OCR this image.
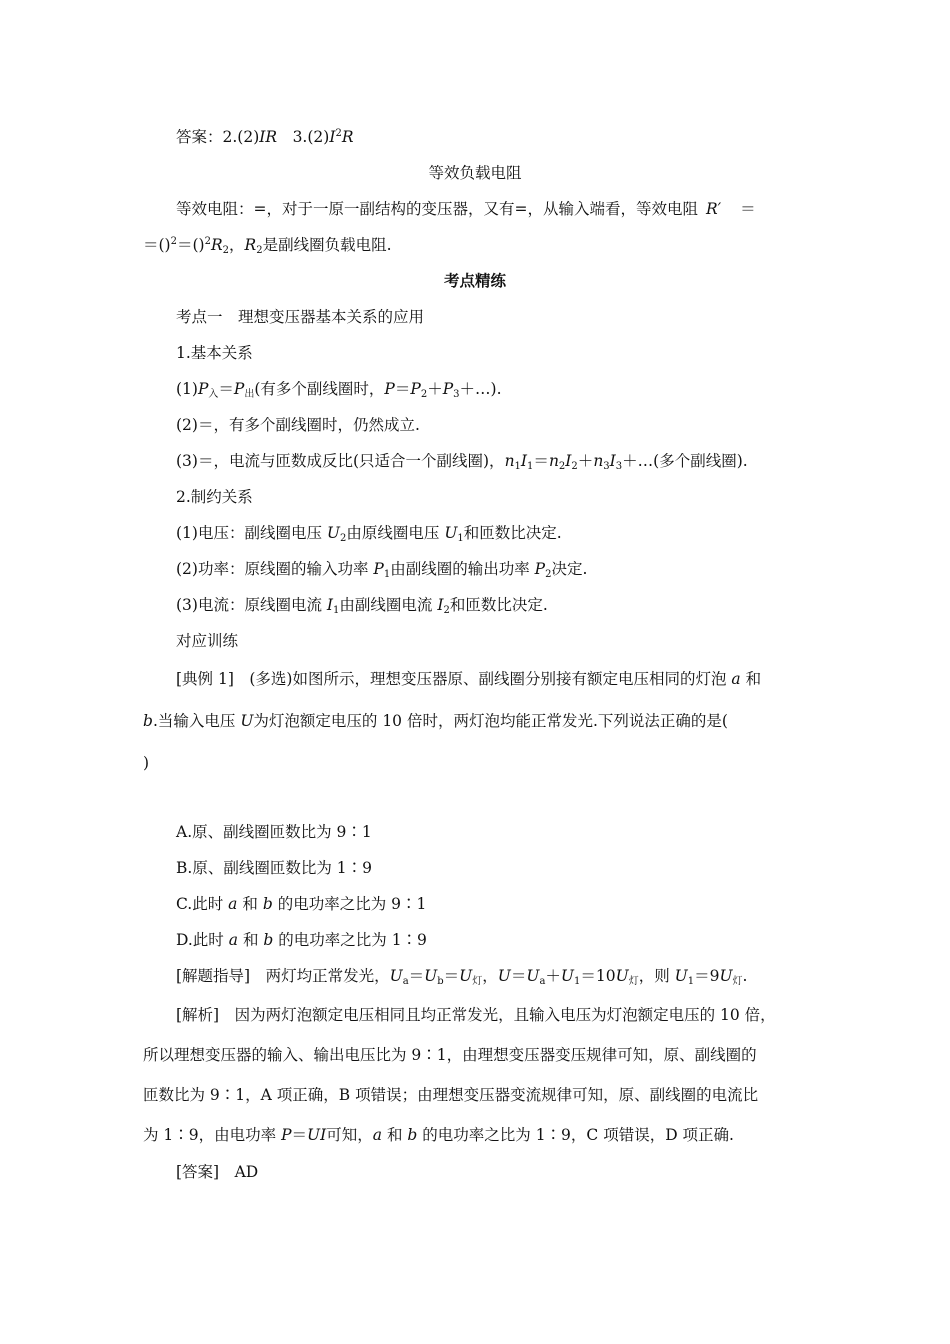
答案：2.(2)IR　 $3.(2)I^2R$
等效负载电阻
等效电阻：=，对于一原一副结构的变压器，又有=，从输入端看，等效电阻 R′ ＝
$=()^2=()^2R_2$，$R_2$是副线圈负载电阻.
考点精练
考点一　理想变压器基本关系的应用
1.基本关系
$(1)P_入=P_出$(有多个副线圈时，$P=P_2+P_3+\dots$).
(2)＝，有多个副线圈时，仍然成立.
(3)＝，电流与匝数成反比(只适合一个副线圈)，$n_1I_1=n_2I_2+n_3I_3+\dots$(多个副线圈).
2.制约关系
(1)电压：副线圈电压 $U_2$由原线圈电压 $U_1$和匝数比决定.
(2)功率：原线圈的输入功率 $P_1$由副线圈的输出功率 $P_2$决定.
(3)电流：原线圈电流 $I_1$由副线圈电流 $I_2$和匝数比决定.
对应训练
[典例 1]　(多选)如图所示，理想变压器原、副线圈分别接有额定电压相同的灯泡 a 和
b.当输入电压 U为灯泡额定电压的 10 倍时，两灯泡均能正常发光.下列说法正确的是(
)
A.原、副线圈匝数比为 9∶1
B.原、副线圈匝数比为 1∶9
C.此时 a 和 b 的电功率之比为 9∶1
D.此时 a 和 b 的电功率之比为 1∶9
[解题指导]　两灯均正常发光，$U_a=U_b=U_灯$，$U=U_a+U_1=10U_灯$，则 $U_1=9U_灯$.
[解析]　因为两灯泡额定电压相同且均正常发光，且输入电压为灯泡额定电压的 10 倍，
所以理想变压器的输入、输出电压比为 9∶1，由理想变压器变压规律可知，原、副线圈的
匝数比为 9∶1，A 项正确，B 项错误；由理想变压器变流规律可知，原、副线圈的电流比
为 1∶9，由电功率 P＝UI可知，a 和 b 的电功率之比为 1∶9，C 项错误，D 项正确.
[答案]　AD
